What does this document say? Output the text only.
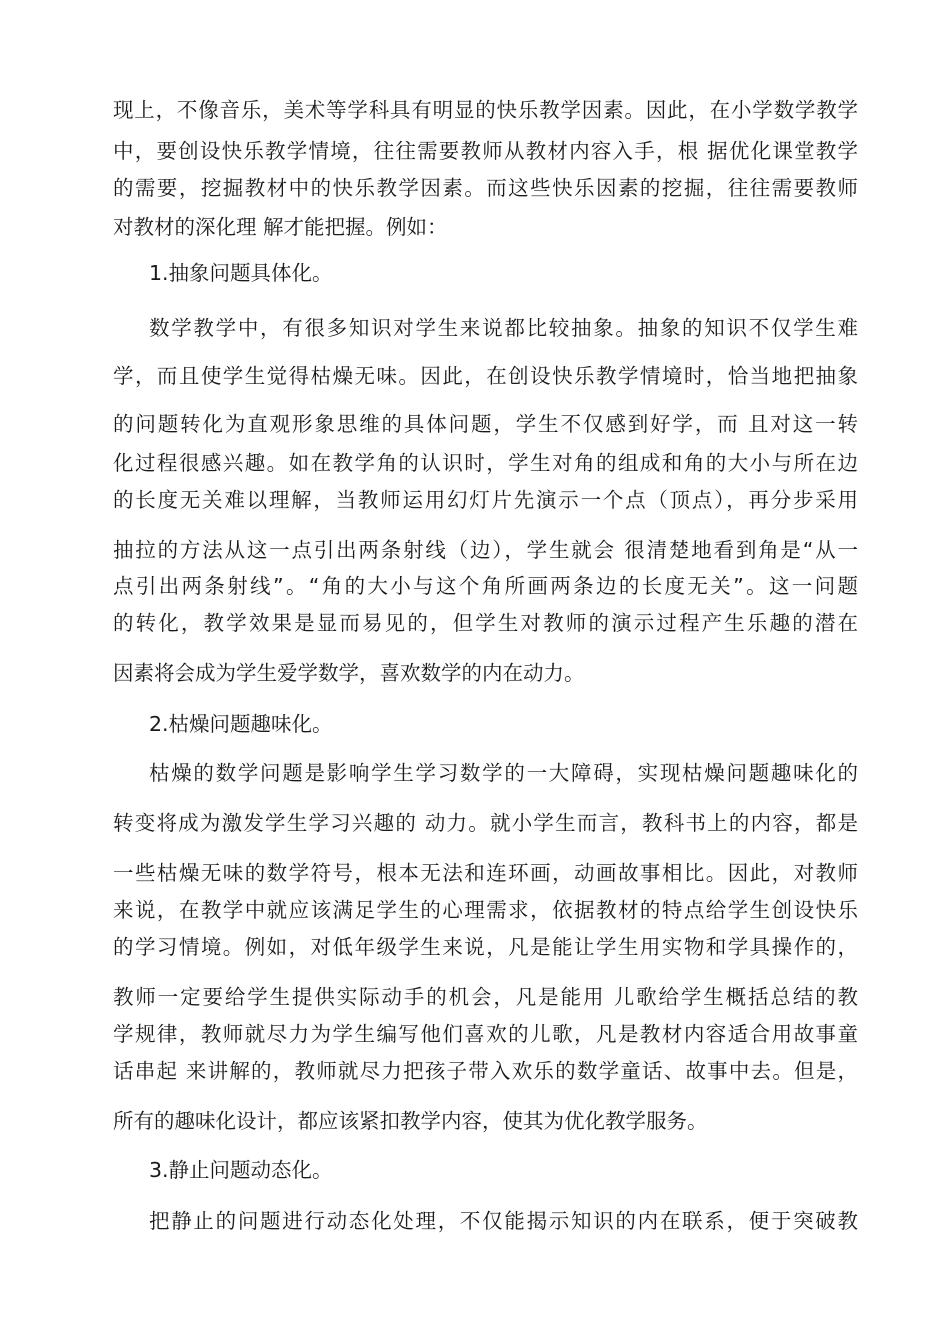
现上，不像音乐，美术等学科具有明显的快乐教学因素。因此，在小学数学教学
中，要创设快乐教学情境，往往需要教师从教材内容入手，根 据优化课堂教学
的需要，挖掘教材中的快乐教学因素。而这些快乐因素的挖掘，往往需要教师
对教材的深化理 解才能把握。例如：
1.抽象问题具体化。
数学教学中，有很多知识对学生来说都比较抽象。抽象的知识不仅学生难
学，而且使学生觉得枯燥无味。因此，在创设快乐教学情境时，恰当地把抽象
的问题转化为直观形象思维的具体问题，学生不仅感到好学，而 且对这一转
化过程很感兴趣。如在教学角的认识时，学生对角的组成和角的大小与所在边
的长度无关难以理解，当教师运用幻灯片先演示一个点（顶点），再分步采用
抽拉的方法从这一点引出两条射线（边），学生就会 很清楚地看到角是“从一
点引出两条射线”。“角的大小与这个角所画两条边的长度无关”。这一问题
的转化，教学效果是显而易见的，但学生对教师的演示过程产生乐趣的潜在
因素将会成为学生爱学数学，喜欢数学的内在动力。
2.枯燥问题趣味化。
枯燥的数学问题是影响学生学习数学的一大障碍，实现枯燥问题趣味化的
转变将成为激发学生学习兴趣的 动力。就小学生而言，教科书上的内容，都是
一些枯燥无味的数学符号，根本无法和连环画，动画故事相比。因此，对教师
来说，在教学中就应该满足学生的心理需求，依据教材的特点给学生创设快乐
的学习情境。例如，对低年级学生来说，凡是能让学生用实物和学具操作的，
教师一定要给学生提供实际动手的机会，凡是能用 儿歌给学生概括总结的教
学规律，教师就尽力为学生编写他们喜欢的儿歌，凡是教材内容适合用故事童
话串起 来讲解的，教师就尽力把孩子带入欢乐的数学童话、故事中去。但是，
所有的趣味化设计，都应该紧扣教学内容，使其为优化教学服务。
3.静止问题动态化。
把静止的问题进行动态化处理，不仅能揭示知识的内在联系，便于突破教
